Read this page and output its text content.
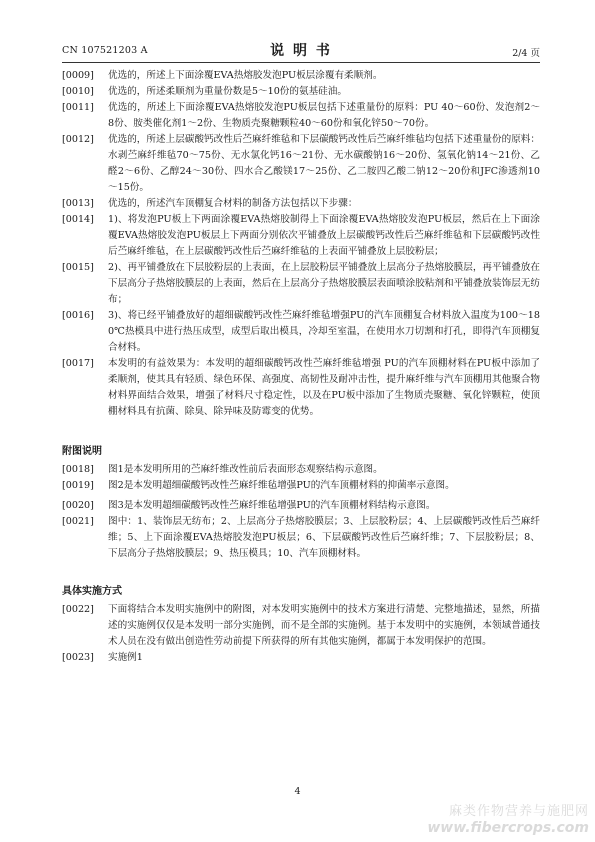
CN 107521203 A	说 明 书	2/4 页
[0009] 优选的，所述上下面涂覆EVA热熔胶发泡PU板层涂覆有柔顺剂。
[0010] 优选的，所述柔顺剂为重量份数是5～10份的氨基硅油。
[0011] 优选的，所述上下面涂覆EVA热熔胶发泡PU板层包括下述重量份的原料：PU 40～60份、发泡剂2～8份、胺类催化剂1～2份、生物质壳聚糖颗粒40～60份和氧化锌50～70份。
[0012] 优选的，所述上层碳酸钙改性后苎麻纤维毡和下层碳酸钙改性后苎麻纤维毡均包括下述重量份的原料：水剥苎麻纤维毡70～75份、无水氯化钙16～21份、无水碳酸钠16～20份、氢氧化钠14～21份、乙醛2～6份、乙醇24～30份、四水合乙酸镁17～25份、乙二胺四乙酸二钠12～20份和JFC渗透剂10～15份。
[0013] 优选的，所述汽车顶棚复合材料的制备方法包括以下步骤：
[0014] 1)、将发泡PU板上下两面涂覆EVA热熔胶制得上下面涂覆EVA热熔胶发泡PU板层，然后在上下面涂覆EVA热熔胶发泡PU板层上下两面分别依次平铺叠放上层碳酸钙改性后苎麻纤维毡和下层碳酸钙改性后苎麻纤维毡，在上层碳酸钙改性后苎麻纤维毡的上表面平铺叠放上层胶粉层；
[0015] 2)、再平铺叠放在下层胶粉层的上表面，在上层胶粉层平铺叠放上层高分子热熔胶膜层，再平铺叠放在下层高分子热熔胶膜层的上表面，然后在上层高分子热熔胶膜层表面喷涂胶粘剂和平铺叠放装饰层无纺布；
[0016] 3)、将已经平铺叠放好的超细碳酸钙改性苎麻纤维毡增强PU的汽车顶棚复合材料放入温度为100～180℃热模具中进行热压成型，成型后取出模具，冷却至室温，在使用水刀切割和打孔，即得汽车顶棚复合材料。
[0017] 本发明的有益效果为：本发明的超细碳酸钙改性苎麻纤维毡增强 PU的汽车顶棚材料在PU板中添加了柔顺剂，使其具有轻质、绿色环保、高强度、高韧性及耐冲击性，提升麻纤维与汽车顶棚用其他聚合物材料界面结合效果，增强了材料尺寸稳定性，以及在PU板中添加了生物质壳聚糖、氧化锌颗粒，使顶棚材料具有抗菌、除臭、除异味及防霉变的优势。
附图说明
[0018] 图1是本发明所用的苎麻纤维改性前后表面形态观察结构示意图。
[0019] 图2是本发明超细碳酸钙改性苎麻纤维毡增强PU的汽车顶棚材料的抑菌率示意图。
[0020] 图3是本发明超细碳酸钙改性苎麻纤维毡增强PU的汽车顶棚材料结构示意图。
[0021] 图中：1、装饰层无纺布；2、上层高分子热熔胶膜层；3、上层胶粉层；4、上层碳酸钙改性后苎麻纤维；5、上下面涂覆EVA热熔胶发泡PU板层；6、下层碳酸钙改性后苎麻纤维；7、下层胶粉层；8、下层高分子热熔胶膜层；9、热压模具；10、汽车顶棚材料。
具体实施方式
[0022] 下面将结合本发明实施例中的附图，对本发明实施例中的技术方案进行清楚、完整地描述，显然，所描述的实施例仅仅是本发明一部分实施例，而不是全部的实施例。基于本发明中的实施例，本领域普通技术人员在没有做出创造性劳动前提下所获得的所有其他实施例，都属于本发明保护的范围。
[0023] 实施例1
4
麻类作物营养与施肥网
www.fibercrops.com
